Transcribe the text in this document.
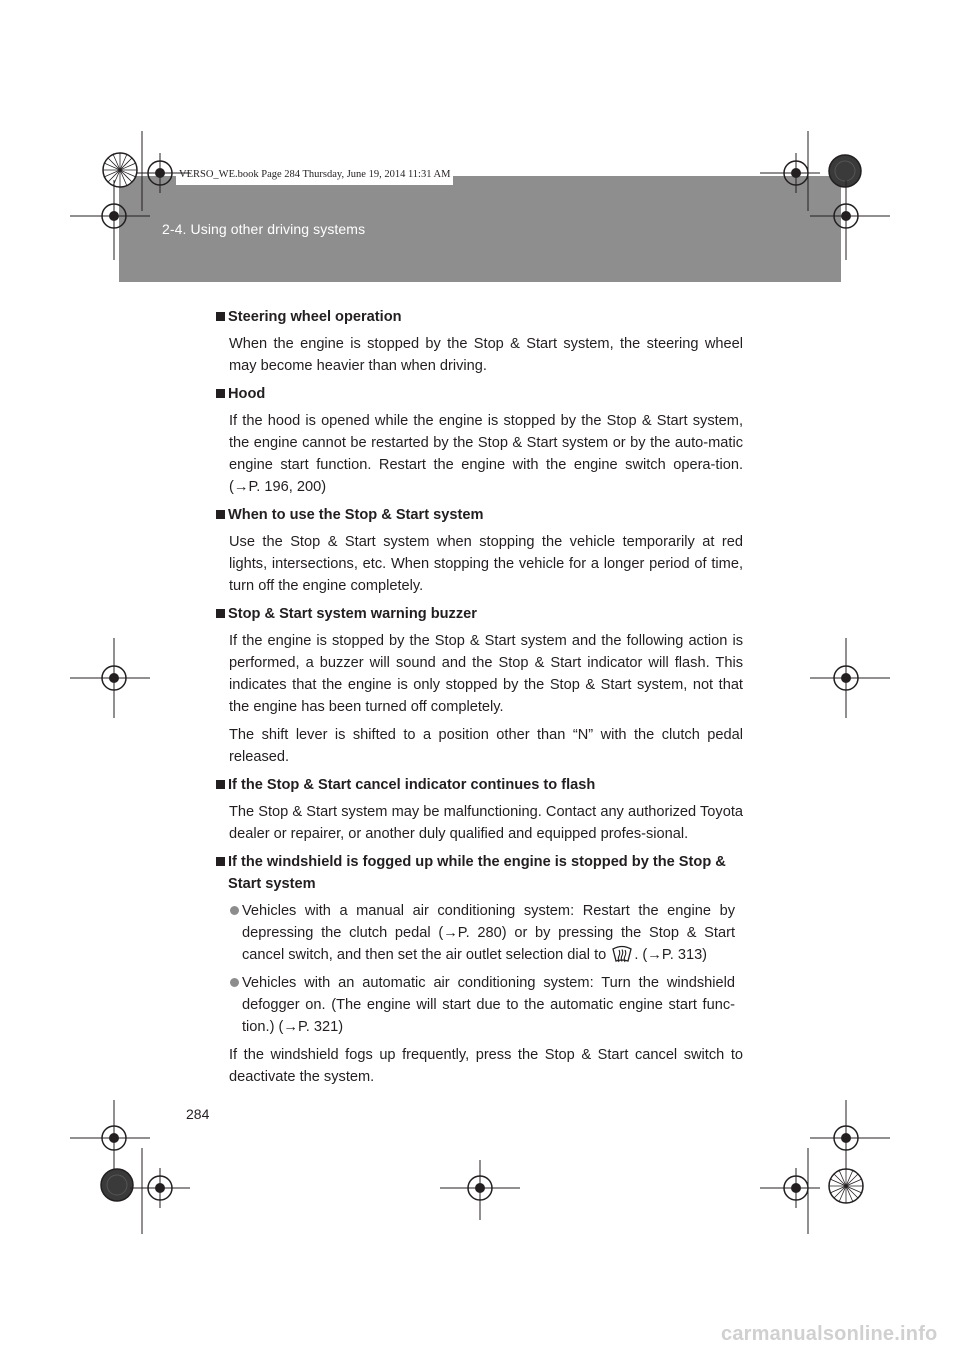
2-4. Using other driving systems
VERSO_WE.book Page 284 Thursday, June 19, 2014 11:31 AM
Steering wheel operation
When the engine is stopped by the Stop & Start system, the steering wheel may become heavier than when driving.
Hood
If the hood is opened while the engine is stopped by the Stop & Start system, the engine cannot be restarted by the Stop & Start system or by the auto-matic engine start function. Restart the engine with the engine switch opera-tion. (→P. 196, 200)
When to use the Stop & Start system
Use the Stop & Start system when stopping the vehicle temporarily at red lights, intersections, etc. When stopping the vehicle for a longer period of time, turn off the engine completely.
Stop & Start system warning buzzer
If the engine is stopped by the Stop & Start system and the following action is performed, a buzzer will sound and the Stop & Start indicator will flash. This indicates that the engine is only stopped by the Stop & Start system, not that the engine has been turned off completely.
The shift lever is shifted to a position other than “N” with the clutch pedal released.
If the Stop & Start cancel indicator continues to flash
The Stop & Start system may be malfunctioning. Contact any authorized Toyota dealer or repairer, or another duly qualified and equipped profes-sional.
If the windshield is fogged up while the engine is stopped by the Stop & Start system
Vehicles with a manual air conditioning system: Restart the engine by depressing the clutch pedal (→P. 280) or by pressing the Stop & Start cancel switch, and then set the air outlet selection dial to . (→P. 313)
Vehicles with an automatic air conditioning system: Turn the windshield defogger on. (The engine will start due to the automatic engine start func-tion.) (→P. 321)
If the windshield fogs up frequently, press the Stop & Start cancel switch to deactivate the system.
284
carmanualsonline.info
